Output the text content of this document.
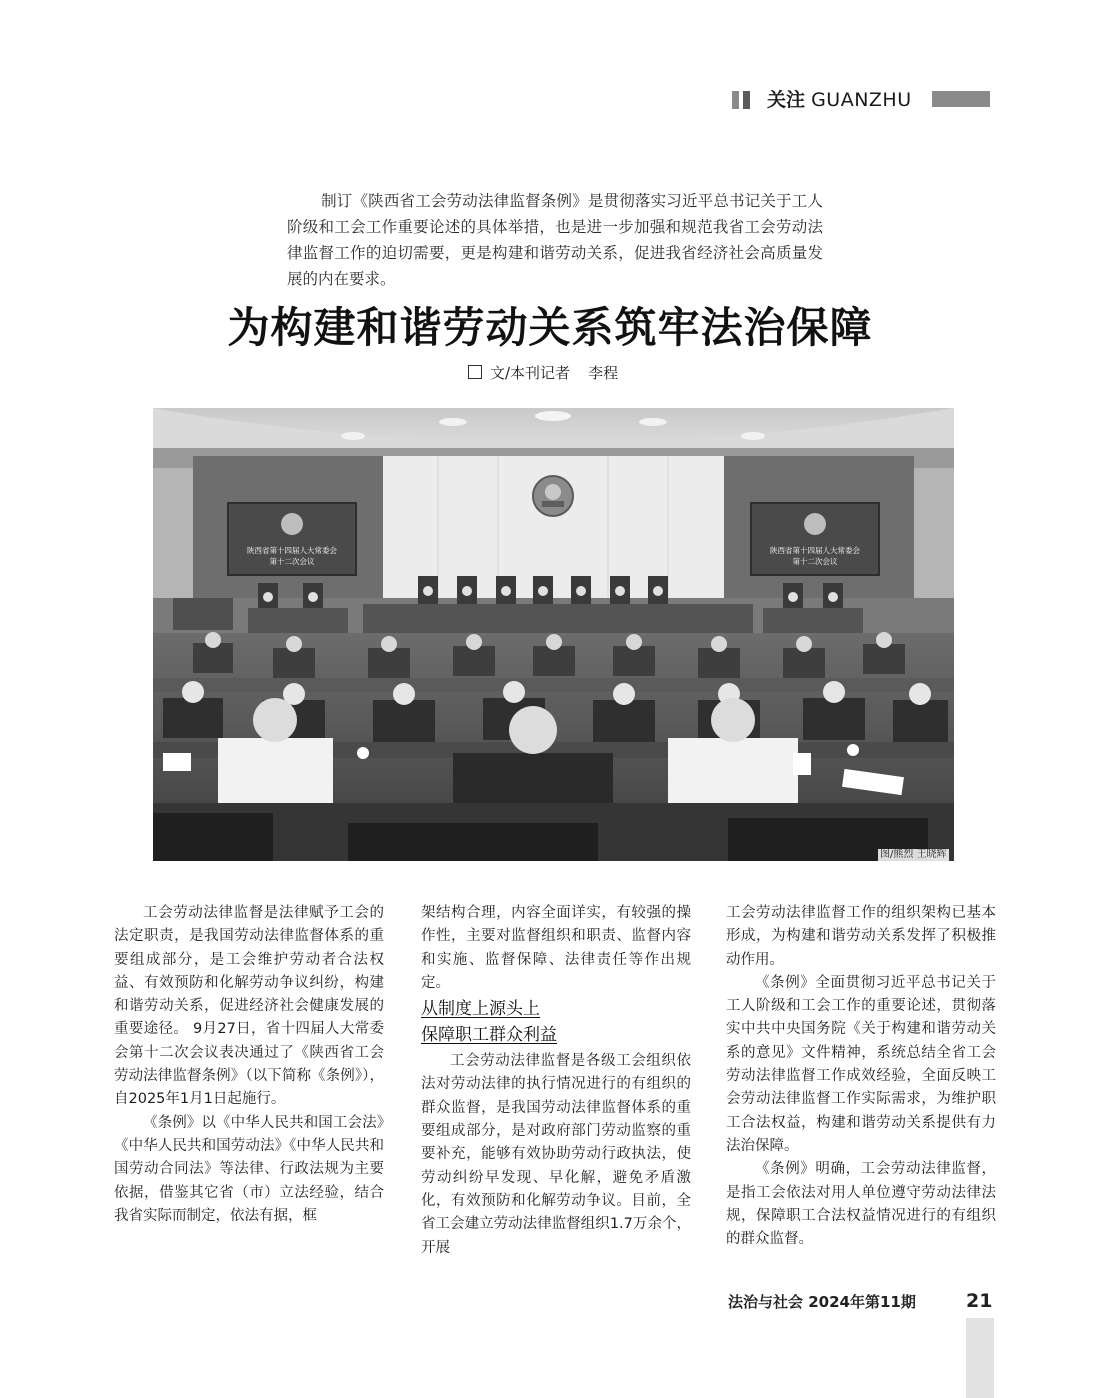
关注 GUANZHU

制订《陕西省工会劳动法律监督条例》是贯彻落实习近平总书记关于工人阶级和工会工作重要论述的具体举措，也是进一步加强和规范我省工会劳动法律监督工作的迫切需要，更是构建和谐劳动关系，促进我省经济社会高质量发展的内在要求。

为构建和谐劳动关系筑牢法治保障
文/本刊记者 李程
陕西省第十四届人大常委会
第十二次会议
陕西省第十四届人大常委会
第十二次会议
图/熊烈 王晓辉

工会劳动法律监督是法律赋予工会的法定职责，是我国劳动法律监督体系的重要组成部分，是工会维护劳动者合法权益、有效预防和化解劳动争议纠纷，构建和谐劳动关系，促进经济社会健康发展的重要途径。 9月27日，省十四届人大常委会第十二次会议表决通过了《陕西省工会劳动法律监督条例》（以下简称《条例》），自2025年1月1日起施行。

《条例》以《中华人民共和国工会法》《中华人民共和国劳动法》《中华人民共和国劳动合同法》等法律、行政法规为主要依据，借鉴其它省（市）立法经验，结合我省实际而制定，依法有据，框

架结构合理，内容全面详实，有较强的操作性，主要对监督组织和职责、监督内容和实施、监督保障、法律责任等作出规定。

从制度上源头上
保障职工群众利益

工会劳动法律监督是各级工会组织依法对劳动法律的执行情况进行的有组织的群众监督，是我国劳动法律监督体系的重要组成部分，是对政府部门劳动监察的重要补充，能够有效协助劳动行政执法，使劳动纠纷早发现、早化解，避免矛盾激化，有效预防和化解劳动争议。目前，全省工会建立劳动法律监督组织1.7万余个，开展

工会劳动法律监督工作的组织架构已基本形成，为构建和谐劳动关系发挥了积极推动作用。

《条例》全面贯彻习近平总书记关于工人阶级和工会工作的重要论述，贯彻落实中共中央国务院《关于构建和谐劳动关系的意见》文件精神，系统总结全省工会劳动法律监督工作成效经验，全面反映工会劳动法律监督工作实际需求，为维护职工合法权益，构建和谐劳动关系提供有力法治保障。

《条例》明确，工会劳动法律监督，是指工会依法对用人单位遵守劳动法律法规，保障职工合法权益情况进行的有组织的群众监督。

法治与社会 2024年第11期	21
